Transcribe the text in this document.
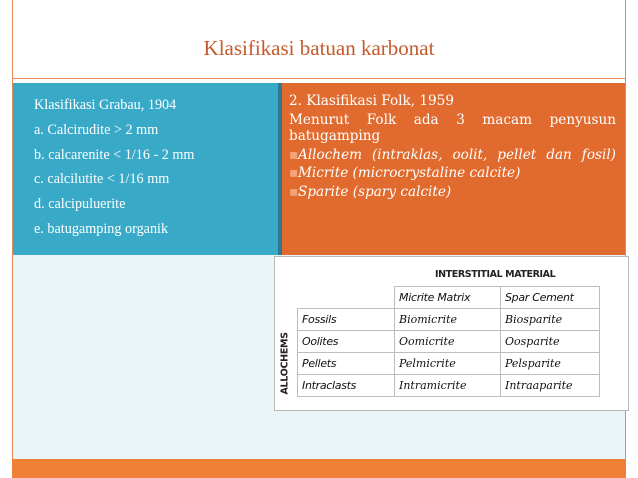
Klasifikasi batuan karbonat
Klasifikasi Grabau, 1904
a. Calcirudite > 2 mm
b. calcarenite < 1/16 - 2 mm
c. calcilutite < 1/16 mm
d. calcipuluerite
e. batugamping organik
2. Klasifikasi Folk, 1959
Menurut Folk ada 3 macam penyusun batugamping
▪Allochem (intraklas, oolit, pellet dan fosil)
▪Micrite (microcrystaline calcite)
▪Sparite (spary calcite)
INTERSTITIAL MATERIAL
ALLOCHEMS
	Micrite Matrix	Spar Cement
Fossils	Biomicrite	Biosparite
Oolites	Oomicrite	Oosparite
Pellets	Pelmicrite	Pelsparite
Intraclasts	Intramicrite	Intraaparite
